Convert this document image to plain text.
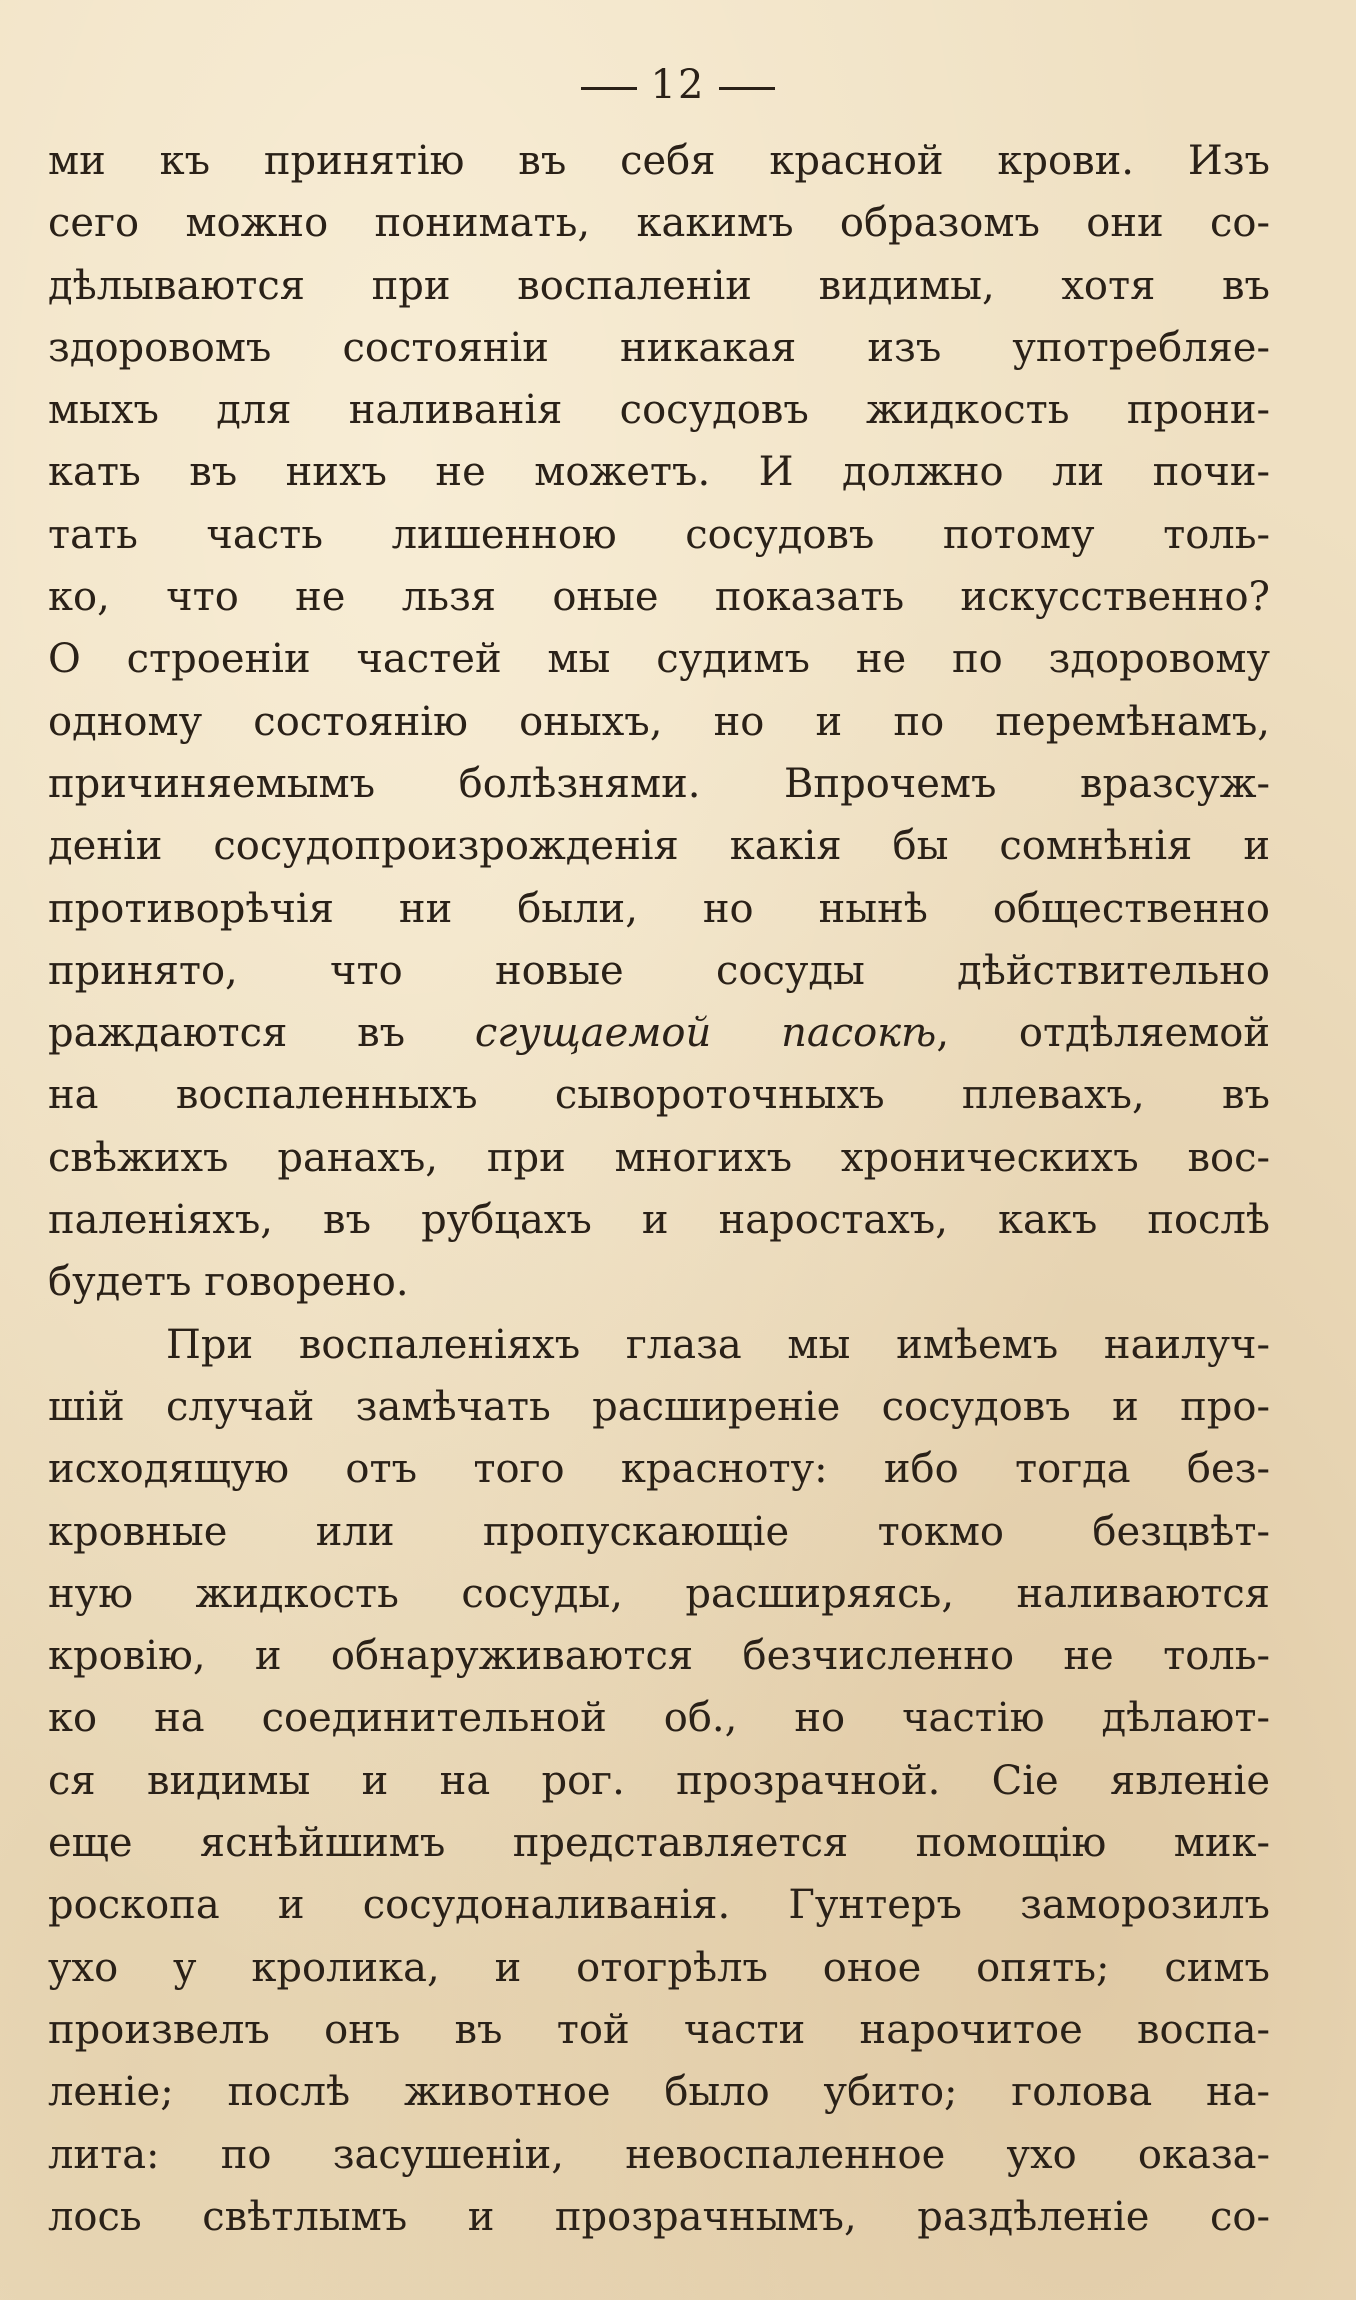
12
ми къ принятію въ себя красной крови. Изъ
сего можно понимать, какимъ образомъ они со-
дѣлываются при воспаленіи видимы, хотя въ
здоровомъ состояніи никакая изъ употребляе-
мыхъ для наливанія сосудовъ жидкость прони-
кать въ нихъ не можетъ. И должно ли почи-
тать часть лишенною сосудовъ потому толь-
ко, что не льзя оные показать искусственно?
О строеніи частей мы судимъ не по здоровому
одному состоянію оныхъ, но и по перемѣнамъ,
причиняемымъ болѣзнями. Впрочемъ вразсуж-
деніи сосудопроизрожденія какія бы сомнѣнія и
противорѣчія ни были, но нынѣ общественно
принято, что новые сосуды дѣйствительно
раждаются въ сгущаемой пасокѣ, отдѣляемой
на воспаленныхъ сывороточныхъ плевахъ, въ
свѣжихъ ранахъ, при многихъ хроническихъ вос-
паленіяхъ, въ рубцахъ и наростахъ, какъ послѣ
будетъ говорено.
При воспаленіяхъ глаза мы имѣемъ наилуч-
шій случай замѣчать расширеніе сосудовъ и про-
исходящую отъ того красноту: ибо тогда без-
кровные или пропускающіе токмо безцвѣт-
ную жидкость сосуды, расширяясь, наливаются
кровію, и обнаруживаются безчисленно не толь-
ко на соединительной об., но частію дѣлают-
ся видимы и на рог. прозрачной. Сіе явленіе
еще яснѣйшимъ представляется помощію мик-
роскопа и сосудоналиванія. Гунтеръ заморозилъ
ухо у кролика, и отогрѣлъ оное опять; симъ
произвелъ онъ въ той части нарочитое воспа-
леніе; послѣ животное было убито; голова на-
лита: по засушеніи, невоспаленное ухо оказа-
лось свѣтлымъ и прозрачнымъ, раздѣленіе со-
